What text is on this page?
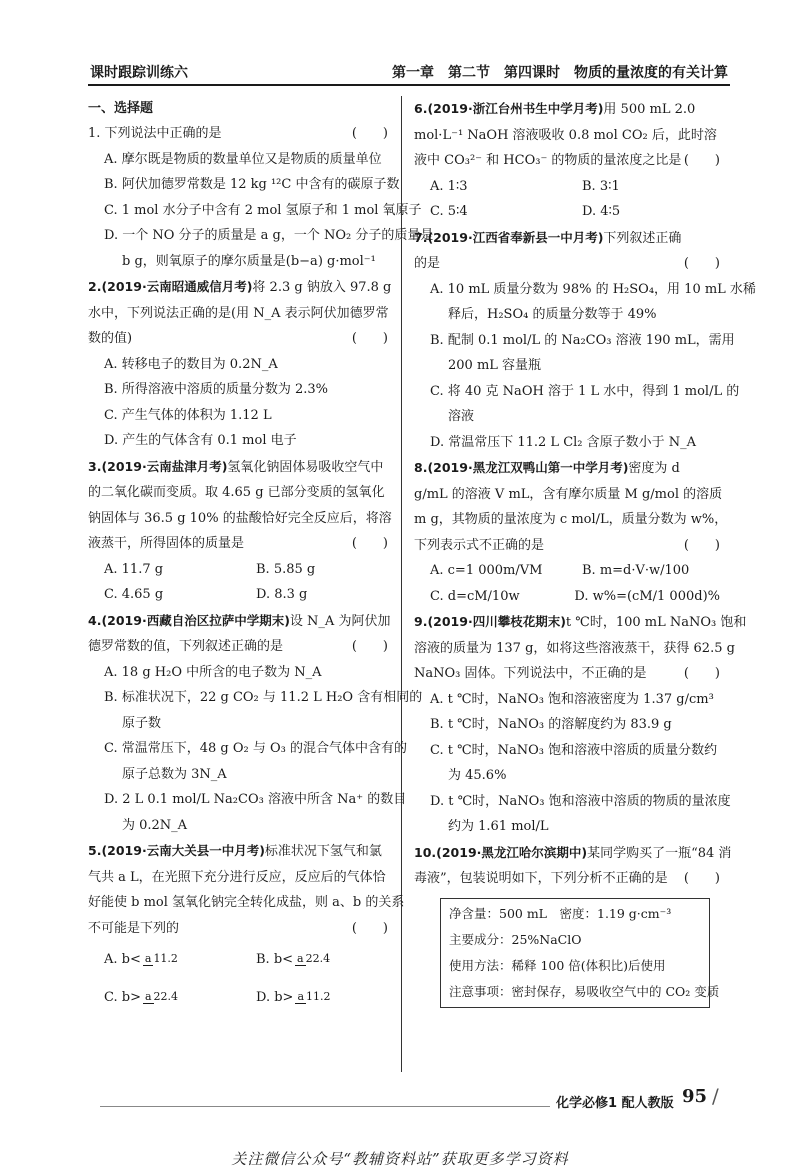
课时跟踪训练六	第一章　第二节　第四课时　物质的量浓度的有关计算
一、选择题
1. 下列说法中正确的是	(　　)
A. 摩尔既是物质的数量单位又是物质的质量单位
B. 阿伏加德罗常数是 12 kg ¹²C 中含有的碳原子数
C. 1 mol 水分子中含有 2 mol 氢原子和 1 mol 氧原子
D. 一个 NO 分子的质量是 a g，一个 NO₂ 分子的质量是
b g，则氧原子的摩尔质量是(b−a) g·mol⁻¹
2.(2019·云南昭通威信月考)将 2.3 g 钠放入 97.8 g
水中，下列说法正确的是(用 N_A 表示阿伏加德罗常
数的值)	(　　)
A. 转移电子的数目为 0.2N_A
B. 所得溶液中溶质的质量分数为 2.3%
C. 产生气体的体积为 1.12 L
D. 产生的气体含有 0.1 mol 电子
3.(2019·云南盐津月考)氢氧化钠固体易吸收空气中
的二氧化碳而变质。取 4.65 g 已部分变质的氢氧化
钠固体与 36.5 g 10% 的盐酸恰好完全反应后，将溶
液蒸干，所得固体的质量是	(　　)
A. 11.7 g	B. 5.85 g
C. 4.65 g	D. 8.3 g
4.(2019·西藏自治区拉萨中学期末)设 N_A 为阿伏加
德罗常数的值，下列叙述正确的是	(　　)
A. 18 g H₂O 中所含的电子数为 N_A
B. 标准状况下，22 g CO₂ 与 11.2 L H₂O 含有相同的
原子数
C. 常温常压下，48 g O₂ 与 O₃ 的混合气体中含有的
原子总数为 3N_A
D. 2 L 0.1 mol/L Na₂CO₃ 溶液中所含 Na⁺ 的数目
为 0.2N_A
5.(2019·云南大关县一中月考)标准状况下氢气和氯
气共 a L，在光照下充分进行反应，反应后的气体恰
好能使 b mol 氢氧化钠完全转化成盐，则 a、b 的关系
不可能是下列的	(　　)
A. b< a 11.2	B. b< a 22.4
C. b> a 22.4	D. b> a 11.2
6.(2019·浙江台州书生中学月考)用 500 mL 2.0
mol·L⁻¹ NaOH 溶液吸收 0.8 mol CO₂ 后，此时溶
液中 CO₃²⁻ 和 HCO₃⁻ 的物质的量浓度之比是 (　　)
A. 1∶3	B. 3∶1
C. 5∶4	D. 4∶5
7.(2019·江西省奉新县一中月考)下列叙述正确
的是	(　　)
A. 10 mL 质量分数为 98% 的 H₂SO₄，用 10 mL 水稀
释后，H₂SO₄ 的质量分数等于 49%
B. 配制 0.1 mol/L 的 Na₂CO₃ 溶液 190 mL，需用
200 mL 容量瓶
C. 将 40 克 NaOH 溶于 1 L 水中，得到 1 mol/L 的
溶液
D. 常温常压下 11.2 L Cl₂ 含原子数小于 N_A
8.(2019·黑龙江双鸭山第一中学月考)密度为 d
g/mL 的溶液 V mL，含有摩尔质量 M g/mol 的溶质
m g，其物质的量浓度为 c mol/L，质量分数为 w%，
下列表示式不正确的是	(　　)
A. c=1 000m/VM	B. m=d·V·w/100
C. d=cM/10w	D. w%=(cM/1 000d)%
9.(2019·四川攀枝花期末)t ℃时，100 mL NaNO₃ 饱和
溶液的质量为 137 g，如将这些溶液蒸干，获得 62.5 g
NaNO₃ 固体。下列说法中，不正确的是	(　　)
A. t ℃时，NaNO₃ 饱和溶液密度为 1.37 g/cm³
B. t ℃时，NaNO₃ 的溶解度约为 83.9 g
C. t ℃时，NaNO₃ 饱和溶液中溶质的质量分数约
为 45.6%
D. t ℃时，NaNO₃ 饱和溶液中溶质的物质的量浓度
约为 1.61 mol/L
10.(2019·黑龙江哈尔滨期中)某同学购买了一瓶“84 消
毒液”，包装说明如下，下列分析不正确的是 (　　)
净含量：500 mL　密度：1.19 g·cm⁻³
主要成分：25%NaClO
使用方法：稀释 100 倍(体积比)后使用
注意事项：密封保存，易吸收空气中的 CO₂ 变质
化学必修1 配人教版 95 /
关注微信公众号“教辅资料站”获取更多学习资料
